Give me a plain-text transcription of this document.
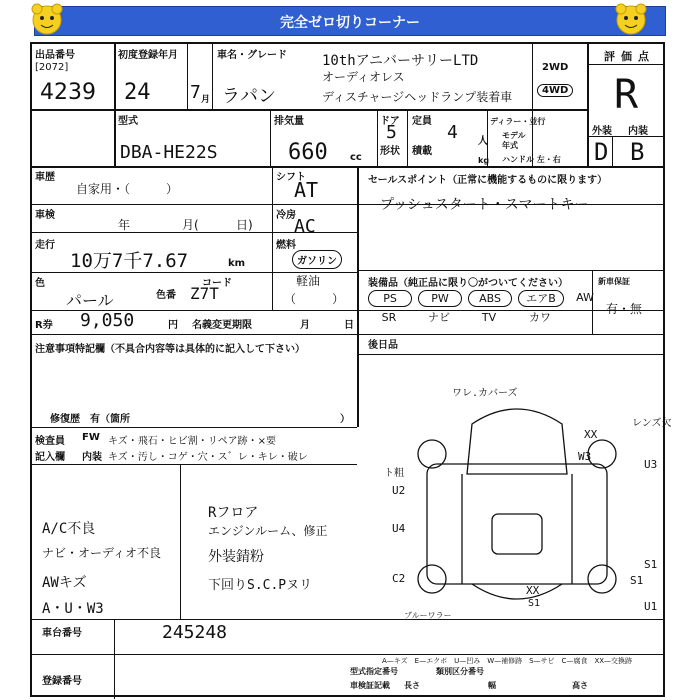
完全ゼロ切りコーナー
出品番号
[2072]
4239
初度登録年月
24 7 月
車名・グレード
ラパン
10thアニバーサリーLTD
オーディオレス
ディスチャージヘッドランプ装着車
2WD
4WD
評価点
R
外装 内装
D B
型式
DBA-HE22S
排気量
660 cc
ドア
5
形状
定員
4 人
積載
kg
ディラー・並行
モデル
年式
ハンドル 左・右
車歴
自家用・（　　　）
シフト
AT	セールスポイント（正常に機能するものに限ります）
プッシュスタート・スマートキー
車検
年	月(	日)
冷房
AC
走行
10万7千7.67	km
燃料
ガソリン
軽油
（　　　）
色
パール	色番 Z7T
コード	装備品（純正品に限り〇がついてください）
PS	PW	ABS	エアB	AW
SR	ナビ	TV	カワ
新車保証
有・無
R券 9,050	円 名義変更期限	月	日
後日品
注意事項特記欄（不具合内容等は具体的に記入して下さい）
修復歴　有（箇所	）
検査員
記入欄
FW キズ・飛石・ヒビ割・リペア跡・×要
内装 キズ・汚し・コゲ・穴・ス゛レ・キレ・破レ
A/C不良
ナビ・オーディオ不良
AWキズ
A・U・W3
Rフロア
エンジンルーム、修正
外装錆粉
下回りS.C.Pヌリ
ワレ.カバーズ
レンズ欠
XX
W3
U3
ト粗
U2
U4
C2
S1
S1
U1
XX
S1
ブルーワラー
A—キズ　E—エクボ　U—凹み　W—補修跡　S—サビ　C—腐食　XX—交換跡
車台番号	245248
登録番号
型式指定番号	類別区分番号
車検証記載 長さ	幅	高さ
